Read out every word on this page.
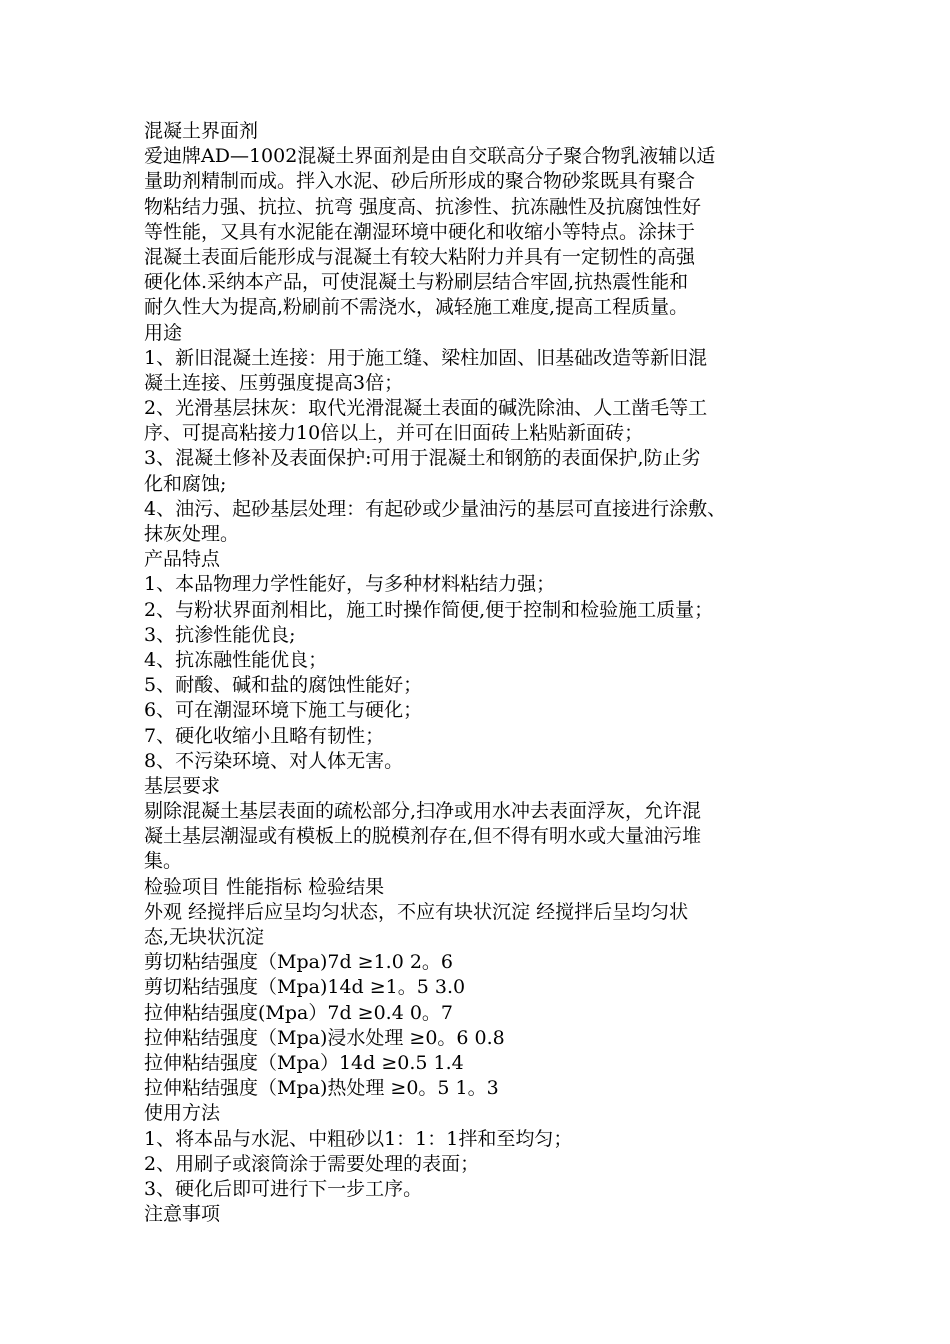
混凝土界面剂
爱迪牌AD—1002混凝土界面剂是由自交联高分子聚合物乳液辅以适
量助剂精制而成。拌入水泥、砂后所形成的聚合物砂浆既具有聚合
物粘结力强、抗拉、抗弯 强度高、抗渗性、抗冻融性及抗腐蚀性好
等性能，又具有水泥能在潮湿环境中硬化和收缩小等特点。涂抹于
混凝土表面后能形成与混凝土有较大粘附力并具有一定韧性的高强
硬化体.采纳本产品，可使混凝土与粉刷层结合牢固,抗热震性能和
耐久性大为提高,粉刷前不需浇水，减轻施工难度,提高工程质量。
用途
1、新旧混凝土连接：用于施工缝、梁柱加固、旧基础改造等新旧混
凝土连接、压剪强度提高3倍；
2、光滑基层抹灰：取代光滑混凝土表面的碱洗除油、人工凿毛等工
序、可提高粘接力10倍以上，并可在旧面砖上粘贴新面砖；
3、混凝土修补及表面保护:可用于混凝土和钢筋的表面保护,防止劣
化和腐蚀;
4、油污、起砂基层处理：有起砂或少量油污的基层可直接进行涂敷、
抹灰处理。
产品特点
1、本品物理力学性能好，与多种材料粘结力强；
2、与粉状界面剂相比，施工时操作简便,便于控制和检验施工质量；
3、抗渗性能优良;
4、抗冻融性能优良；
5、耐酸、碱和盐的腐蚀性能好；
6、可在潮湿环境下施工与硬化；
7、硬化收缩小且略有韧性；
8、不污染环境、对人体无害。
基层要求
剔除混凝土基层表面的疏松部分,扫净或用水冲去表面浮灰，允许混
凝土基层潮湿或有模板上的脱模剂存在,但不得有明水或大量油污堆
集。
检验项目 性能指标 检验结果
外观 经搅拌后应呈均匀状态，不应有块状沉淀 经搅拌后呈均匀状
态,无块状沉淀
剪切粘结强度（Mpa)7d ≥1.0 2。6
剪切粘结强度（Mpa)14d ≥1。5 3.0
拉伸粘结强度(Mpa）7d ≥0.4 0。7
拉伸粘结强度（Mpa)浸水处理 ≥0。6 0.8
拉伸粘结强度（Mpa）14d ≥0.5 1.4
拉伸粘结强度（Mpa)热处理 ≥0。5 1。3
使用方法
1、将本品与水泥、中粗砂以1：1：1拌和至均匀；
2、用刷子或滚筒涂于需要处理的表面；
3、硬化后即可进行下一步工序。
注意事项
